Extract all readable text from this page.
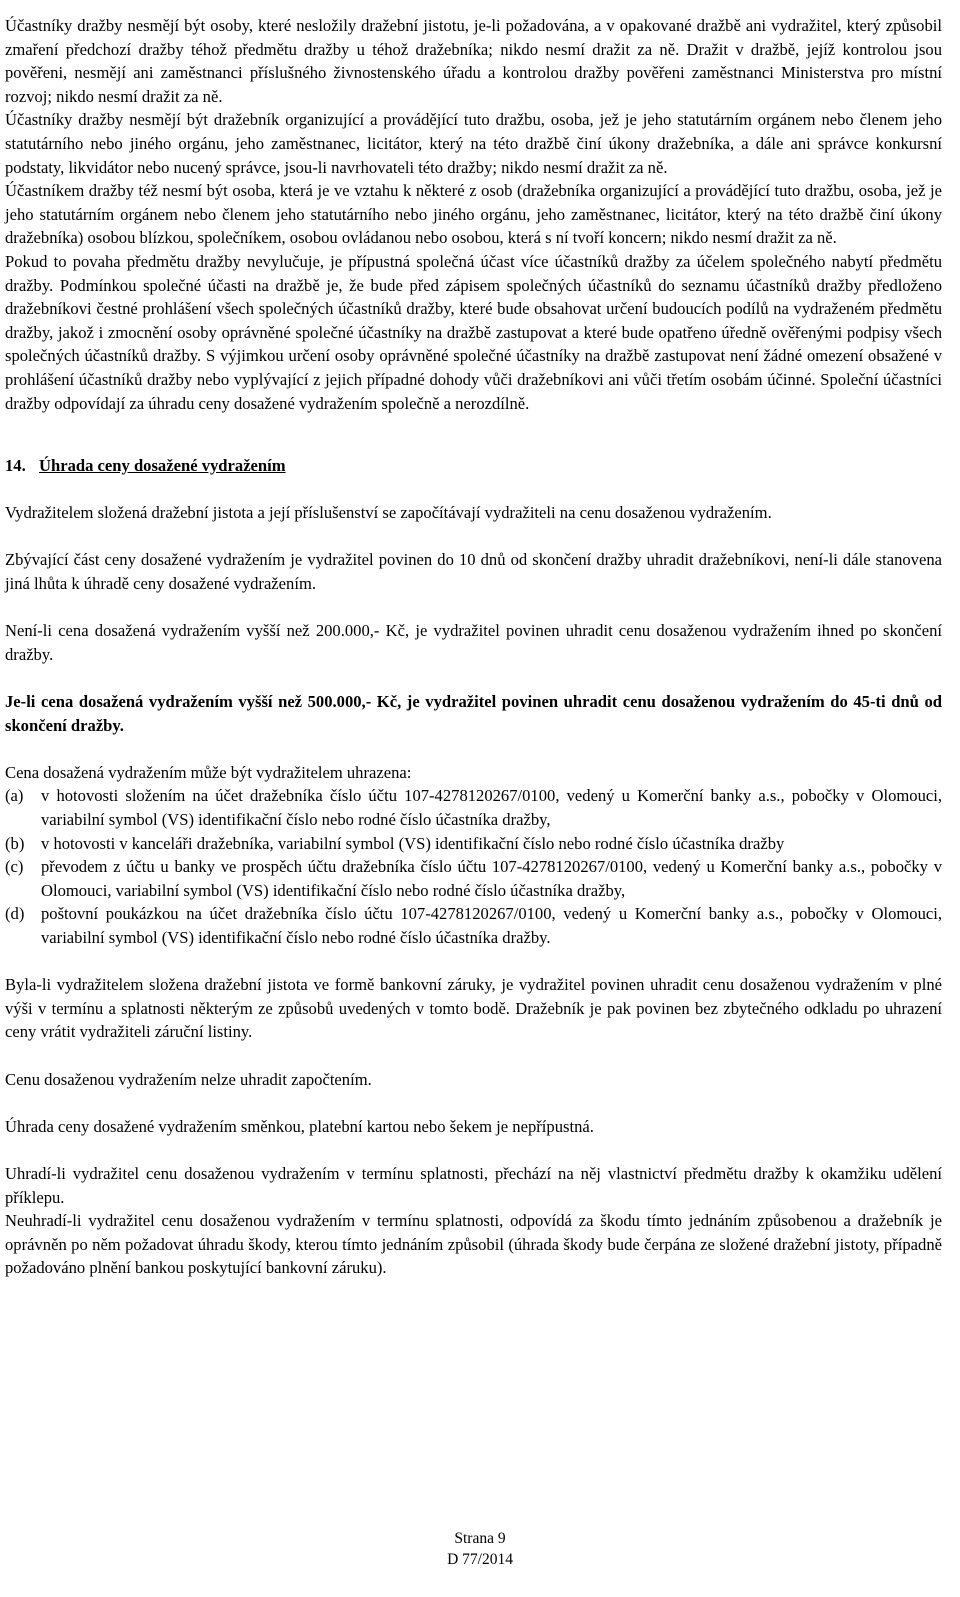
Účastníky dražby nesmějí být osoby, které nesložily dražební jistotu, je-li požadována, a v opakované dražbě ani vydražitel, který způsobil zmaření předchozí dražby téhož předmětu dražby u téhož dražebníka; nikdo nesmí dražit za ně. Dražit v dražbě, jejíž kontrolou jsou pověřeni, nesmějí ani zaměstnanci příslušného živnostenského úřadu a kontrolou dražby pověřeni zaměstnanci Ministerstva pro místní rozvoj; nikdo nesmí dražit za ně.

Účastníky dražby nesmějí být dražebník organizující a provádějící tuto dražbu, osoba, jež je jeho statutárním orgánem nebo členem jeho statutárního nebo jiného orgánu, jeho zaměstnanec, licitátor, který na této dražbě činí úkony dražebníka, a dále ani správce konkursní podstaty, likvidátor nebo nucený správce, jsou-li navrhovateli této dražby; nikdo nesmí dražit za ně.

Účastníkem dražby též nesmí být osoba, která je ve vztahu k některé z osob (dražebníka organizující a provádějící tuto dražbu, osoba, jež je jeho statutárním orgánem nebo členem jeho statutárního nebo jiného orgánu, jeho zaměstnanec, licitátor, který na této dražbě činí úkony dražebníka) osobou blízkou, společníkem, osobou ovládanou nebo osobou, která s ní tvoří koncern; nikdo nesmí dražit za ně.

Pokud to povaha předmětu dražby nevylučuje, je přípustná společná účast více účastníků dražby za účelem společného nabytí předmětu dražby. Podmínkou společné účasti na dražbě je, že bude před zápisem společných účastníků do seznamu účastníků dražby předloženo dražebníkovi čestné prohlášení všech společných účastníků dražby, které bude obsahovat určení budoucích podílů na vydraženém předmětu dražby, jakož i zmocnění osoby oprávněné společné účastníky na dražbě zastupovat a které bude opatřeno úředně ověřenými podpisy všech společných účastníků dražby. S výjimkou určení osoby oprávněné společné účastníky na dražbě zastupovat není žádné omezení obsažené v prohlášení účastníků dražby nebo vyplývající z jejich případné dohody vůči dražebníkovi ani vůči třetím osobám účinné. Společní účastníci dražby odpovídají za úhradu ceny dosažené vydražením společně a nerozdílně.

14. Úhrada ceny dosažené vydražením

Vydražitelem složená dražební jistota a její příslušenství se započítávají vydražiteli na cenu dosaženou vydražením.

Zbývající část ceny dosažené vydražením je vydražitel povinen do 10 dnů od skončení dražby uhradit dražebníkovi, není-li dále stanovena jiná lhůta k úhradě ceny dosažené vydražením.

Není-li cena dosažená vydražením vyšší než 200.000,- Kč, je vydražitel povinen uhradit cenu dosaženou vydražením ihned po skončení dražby.

Je-li cena dosažená vydražením vyšší než 500.000,- Kč, je vydražitel povinen uhradit cenu dosaženou vydražením do 45-ti dnů od skončení dražby.

Cena dosažená vydražením může být vydražitelem uhrazena:

(a)	v hotovosti složením na účet dražebníka číslo účtu 107-4278120267/0100, vedený u Komerční banky a.s., pobočky v Olomouci, variabilní symbol (VS) identifikační číslo nebo rodné číslo účastníka dražby,
(b)	v hotovosti v kanceláři dražebníka, variabilní symbol (VS) identifikační číslo nebo rodné číslo účastníka dražby
(c)	převodem z účtu u banky ve prospěch účtu dražebníka číslo účtu 107-4278120267/0100, vedený u Komerční banky a.s., pobočky v Olomouci, variabilní symbol (VS) identifikační číslo nebo rodné číslo účastníka dražby,
(d)	poštovní poukázkou na účet dražebníka číslo účtu 107-4278120267/0100, vedený u Komerční banky a.s., pobočky v Olomouci, variabilní symbol (VS) identifikační číslo nebo rodné číslo účastníka dražby.

Byla-li vydražitelem složena dražební jistota ve formě bankovní záruky, je vydražitel povinen uhradit cenu dosaženou vydražením v plné výši v termínu a splatnosti některým ze způsobů uvedených v tomto bodě. Dražebník je pak povinen bez zbytečného odkladu po uhrazení ceny vrátit vydražiteli záruční listiny.

Cenu dosaženou vydražením nelze uhradit započtením.

Úhrada ceny dosažené vydražením směnkou, platební kartou nebo šekem je nepřípustná.

Uhradí-li vydražitel cenu dosaženou vydražením v termínu splatnosti, přechází na něj vlastnictví předmětu dražby k okamžiku udělení příklepu.

Neuhradí-li vydražitel cenu dosaženou vydražením v termínu splatnosti, odpovídá za škodu tímto jednáním způsobenou a dražebník je oprávněn po něm požadovat úhradu škody, kterou tímto jednáním způsobil (úhrada škody bude čerpána ze složené dražební jistoty, případně požadováno plnění bankou poskytující bankovní záruku).

Strana 9
D 77/2014
